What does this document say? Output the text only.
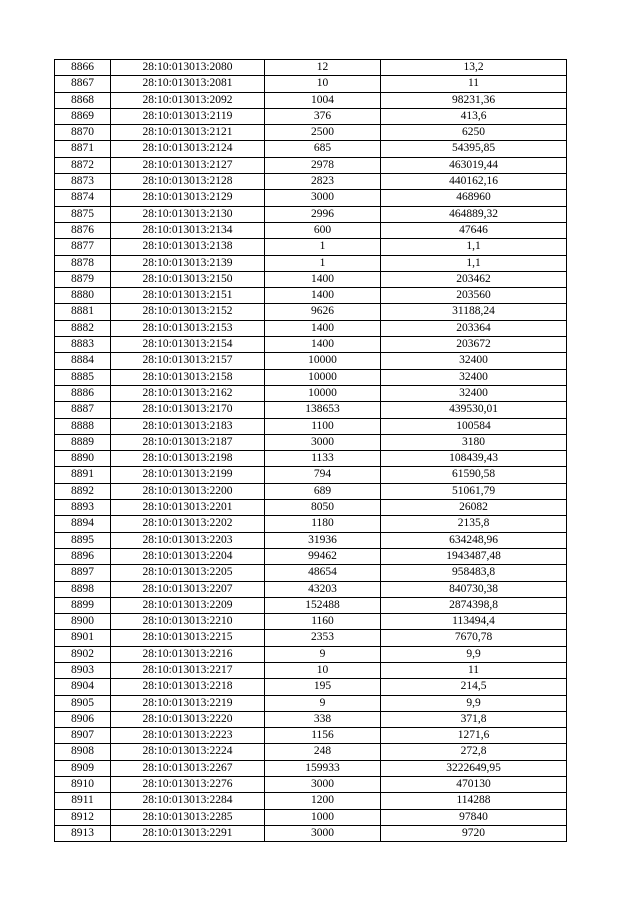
8866	28:10:013013:2080	12	13,2
8867	28:10:013013:2081	10	11
8868	28:10:013013:2092	1004	98231,36
8869	28:10:013013:2119	376	413,6
8870	28:10:013013:2121	2500	6250
8871	28:10:013013:2124	685	54395,85
8872	28:10:013013:2127	2978	463019,44
8873	28:10:013013:2128	2823	440162,16
8874	28:10:013013:2129	3000	468960
8875	28:10:013013:2130	2996	464889,32
8876	28:10:013013:2134	600	47646
8877	28:10:013013:2138	1	1,1
8878	28:10:013013:2139	1	1,1
8879	28:10:013013:2150	1400	203462
8880	28:10:013013:2151	1400	203560
8881	28:10:013013:2152	9626	31188,24
8882	28:10:013013:2153	1400	203364
8883	28:10:013013:2154	1400	203672
8884	28:10:013013:2157	10000	32400
8885	28:10:013013:2158	10000	32400
8886	28:10:013013:2162	10000	32400
8887	28:10:013013:2170	138653	439530,01
8888	28:10:013013:2183	1100	100584
8889	28:10:013013:2187	3000	3180
8890	28:10:013013:2198	1133	108439,43
8891	28:10:013013:2199	794	61590,58
8892	28:10:013013:2200	689	51061,79
8893	28:10:013013:2201	8050	26082
8894	28:10:013013:2202	1180	2135,8
8895	28:10:013013:2203	31936	634248,96
8896	28:10:013013:2204	99462	1943487,48
8897	28:10:013013:2205	48654	958483,8
8898	28:10:013013:2207	43203	840730,38
8899	28:10:013013:2209	152488	2874398,8
8900	28:10:013013:2210	1160	113494,4
8901	28:10:013013:2215	2353	7670,78
8902	28:10:013013:2216	9	9,9
8903	28:10:013013:2217	10	11
8904	28:10:013013:2218	195	214,5
8905	28:10:013013:2219	9	9,9
8906	28:10:013013:2220	338	371,8
8907	28:10:013013:2223	1156	1271,6
8908	28:10:013013:2224	248	272,8
8909	28:10:013013:2267	159933	3222649,95
8910	28:10:013013:2276	3000	470130
8911	28:10:013013:2284	1200	114288
8912	28:10:013013:2285	1000	97840
8913	28:10:013013:2291	3000	9720
